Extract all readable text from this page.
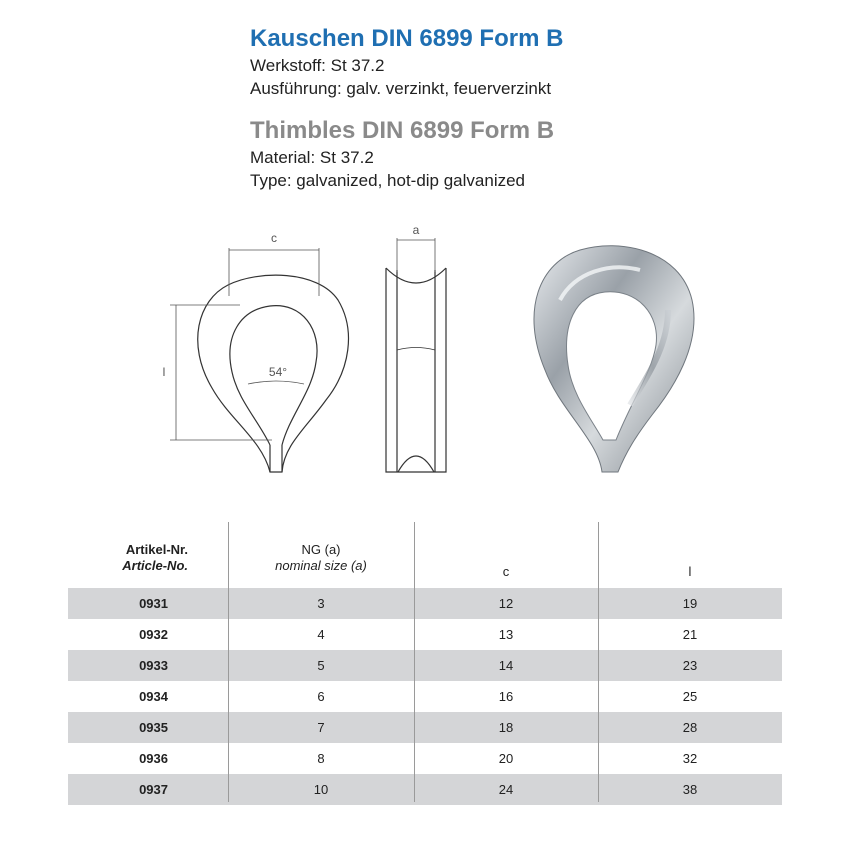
Kauschen DIN 6899 Form B
Werkstoff: St 37.2
Ausführung: galv. verzinkt, feuerverzinkt
Thimbles DIN 6899 Form B
Material: St 37.2
Type: galvanized, hot-dip galvanized
c
l	54°
a
Artikel-Nr.
Article-No.
NG (a)
nominal size (a)	c	l
0931	3	12	19
0932	4	13	21
0933	5	14	23
0934	6	16	25
0935	7	18	28
0936	8	20	32
0937	10	24	38
